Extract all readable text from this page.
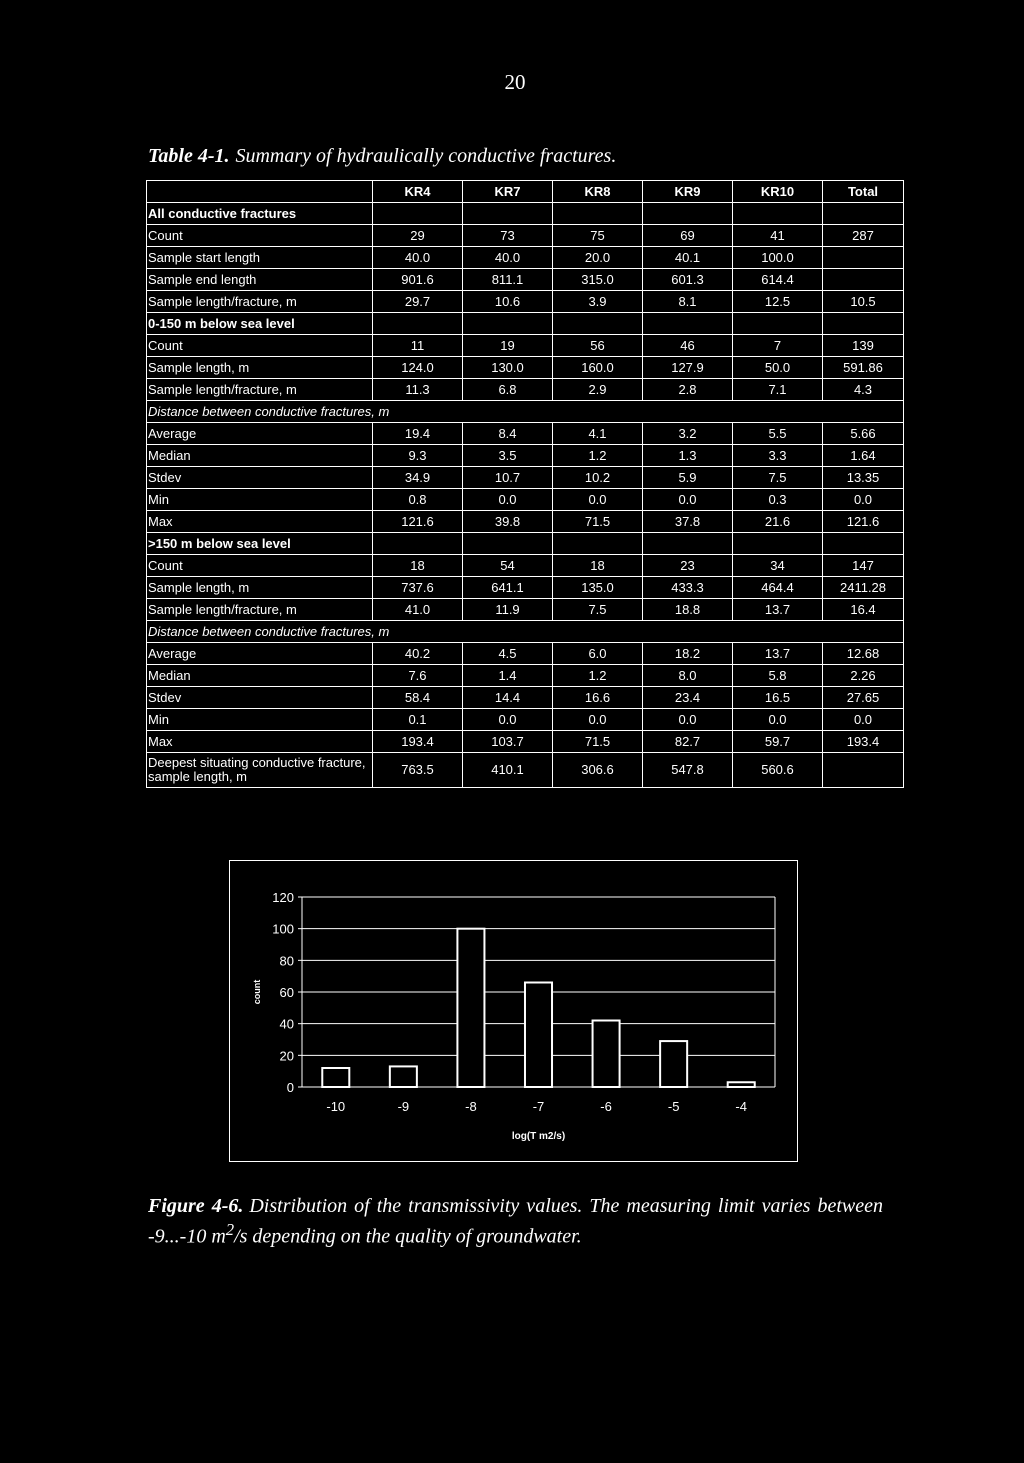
20
Table 4-1. Summary of hydraulically conductive fractures.
	KR4	KR7	KR8	KR9	KR10	Total
All conductive fractures						
Count	29	73	75	69	41	287
Sample start length	40.0	40.0	20.0	40.1	100.0	
Sample end length	901.6	811.1	315.0	601.3	614.4	
Sample length/fracture, m	29.7	10.6	3.9	8.1	12.5	10.5
0-150 m below sea level						
Count	11	19	56	46	7	139
Sample length, m	124.0	130.0	160.0	127.9	50.0	591.86
Sample length/fracture, m	11.3	6.8	2.9	2.8	7.1	4.3
Distance between conductive fractures, m						
Average	19.4	8.4	4.1	3.2	5.5	5.66
Median	9.3	3.5	1.2	1.3	3.3	1.64
Stdev	34.9	10.7	10.2	5.9	7.5	13.35
Min	0.8	0.0	0.0	0.0	0.3	0.0
Max	121.6	39.8	71.5	37.8	21.6	121.6
>150 m below sea level						
Count	18	54	18	23	34	147
Sample length, m	737.6	641.1	135.0	433.3	464.4	2411.28
Sample length/fracture, m	41.0	11.9	7.5	18.8	13.7	16.4
Distance between conductive fractures, m						
Average	40.2	4.5	6.0	18.2	13.7	12.68
Median	7.6	1.4	1.2	8.0	5.8	2.26
Stdev	58.4	14.4	16.6	23.4	16.5	27.65
Min	0.1	0.0	0.0	0.0	0.0	0.0
Max	193.4	103.7	71.5	82.7	59.7	193.4
Deepest situating conductive fracture, sample length, m	763.5	410.1	306.6	547.8	560.6	
0
20
40
60
80
100
120
-10	-9	-8	-7	-6	-5	-4
log(T m2/s)
count
Figure 4-6. Distribution of the transmissivity values. The measuring limit varies between -9...-10 $m^2/s$ depending on the quality of groundwater.
